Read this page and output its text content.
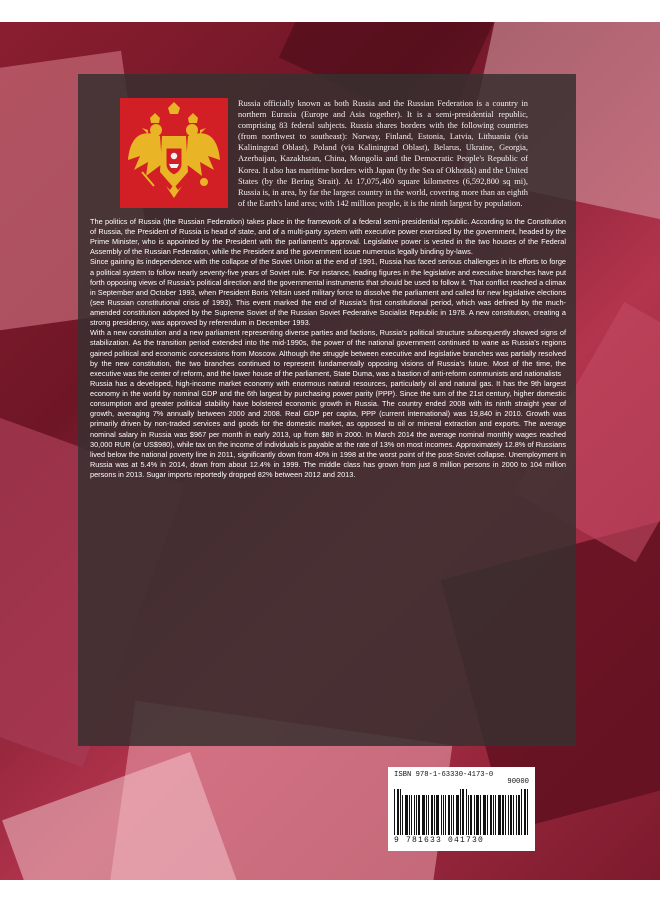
Russia officially known as both Russia and the Russian Federation is a country in northern Eurasia (Europe and Asia together). It is a semi-presidential republic, comprising 83 federal subjects. Russia shares borders with the following countries (from northwest to southeast): Norway, Finland, Estonia, Latvia, Lithuania (via Kaliningrad Oblast), Poland (via Kaliningrad Oblast), Belarus, Ukraine, Georgia, Azerbaijan, Kazakhstan, China, Mongolia and the Democratic People's Republic of Korea. It also has maritime borders with Japan (by the Sea of Okhotsk) and the United States (by the Bering Strait). At 17,075,400 square kilometres (6,592,800 sq mi), Russia is, in area, by far the largest country in the world, covering more than an eighth of the Earth's land area; with 142 million people, it is the ninth largest by population.

The politics of Russia (the Russian Federation) takes place in the framework of a federal semi-presidential republic. According to the Constitution of Russia, the President of Russia is head of state, and of a multi-party system with executive power exercised by the government, headed by the Prime Minister, who is appointed by the President with the parliament's approval. Legislative power is vested in the two houses of the Federal Assembly of the Russian Federation, while the President and the government issue numerous legally binding by-laws.

Since gaining its independence with the collapse of the Soviet Union at the end of 1991, Russia has faced serious challenges in its efforts to forge a political system to follow nearly seventy-five years of Soviet rule. For instance, leading figures in the legislative and executive branches have put forth opposing views of Russia's political direction and the governmental instruments that should be used to follow it. That conflict reached a climax in September and October 1993, when President Boris Yeltsin used military force to dissolve the parliament and called for new legislative elections (see Russian constitutional crisis of 1993). This event marked the end of Russia's first constitutional period, which was defined by the much-amended constitution adopted by the Supreme Soviet of the Russian Soviet Federative Socialist Republic in 1978. A new constitution, creating a strong presidency, was approved by referendum in December 1993.

With a new constitution and a new parliament representing diverse parties and factions, Russia's political structure subsequently showed signs of stabilization. As the transition period extended into the mid-1990s, the power of the national government continued to wane as Russia's regions gained political and economic concessions from Moscow. Although the struggle between executive and legislative branches was partially resolved by the new constitution, the two branches continued to represent fundamentally opposing visions of Russia's future. Most of the time, the executive was the center of reform, and the lower house of the parliament, State Duma, was a bastion of anti-reform communists and nationalists

Russia has a developed, high-income market economy with enormous natural resources, particularly oil and natural gas. It has the 9th largest economy in the world by nominal GDP and the 6th largest by purchasing power parity (PPP). Since the turn of the 21st century, higher domestic consumption and greater political stability have bolstered economic growth in Russia. The country ended 2008 with its ninth straight year of growth, averaging 7% annually between 2000 and 2008. Real GDP per capita, PPP (current international) was 19,840 in 2010. Growth was primarily driven by non-traded services and goods for the domestic market, as opposed to oil or mineral extraction and exports. The average nominal salary in Russia was $967 per month in early 2013, up from $80 in 2000. In March 2014 the average nominal monthly wages reached 30,000 RUR (or US$980), while tax on the income of individuals is payable at the rate of 13% on most incomes. Approximately 12.8% of Russians lived below the national poverty line in 2011, significantly down from 40% in 1998 at the worst point of the post-Soviet collapse. Unemployment in Russia was at 5.4% in 2014, down from about 12.4% in 1999. The middle class has grown from just 8 million persons in 2000 to 104 million persons in 2013. Sugar imports reportedly dropped 82% between 2012 and 2013.

ISBN 978-1-63330-4173-0
90000
9 781633 041730
